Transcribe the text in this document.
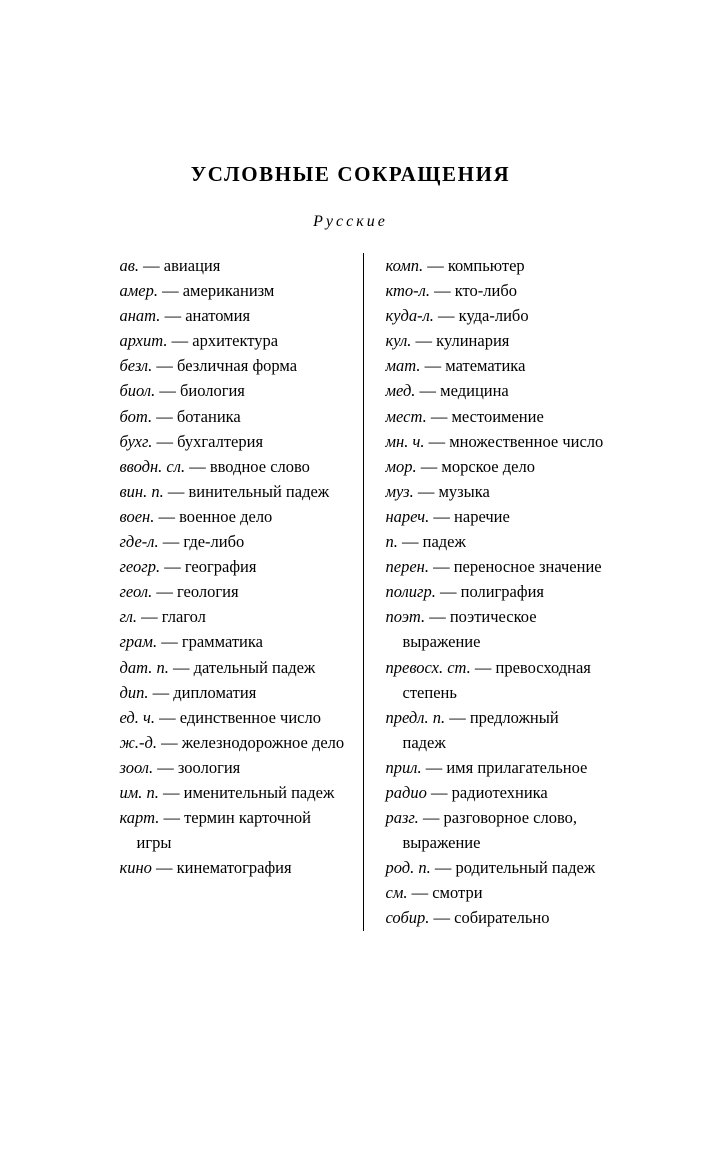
УСЛОВНЫЕ СОКРАЩЕНИЯ
Русские
ав. — авиация
амер. — американизм
анат. — анатомия
архит. — архитектура
безл. — безличная форма
биол. — биология
бот. — ботаника
бухг. — бухгалтерия
вводн. сл. — вводное слово
вин. п. — винительный падеж
воен. — военное дело
где-л. — где-либо
геогр. — география
геол. — геология
гл. — глагол
грам. — грамматика
дат. п. — дательный падеж
дип. — дипломатия
ед. ч. — единственное число
ж.-д. — железнодорожное дело
зоол. — зоология
им. п. — именительный падеж
карт. — термин карточной игры
кино — кинематография
комп. — компьютер
кто-л. — кто-либо
куда-л. — куда-либо
кул. — кулинария
мат. — математика
мед. — медицина
мест. — местоимение
мн. ч. — множественное число
мор. — морское дело
муз. — музыка
нареч. — наречие
п. — падеж
перен. — переносное значение
полигр. — полиграфия
поэт. — поэтическое выражение
превосх. ст. — превосходная степень
предл. п. — предложный падеж
прил. — имя прилагательное
радио — радиотехника
разг. — разговорное слово, выражение
род. п. — родительный падеж
см. — смотри
собир. — собирательно
